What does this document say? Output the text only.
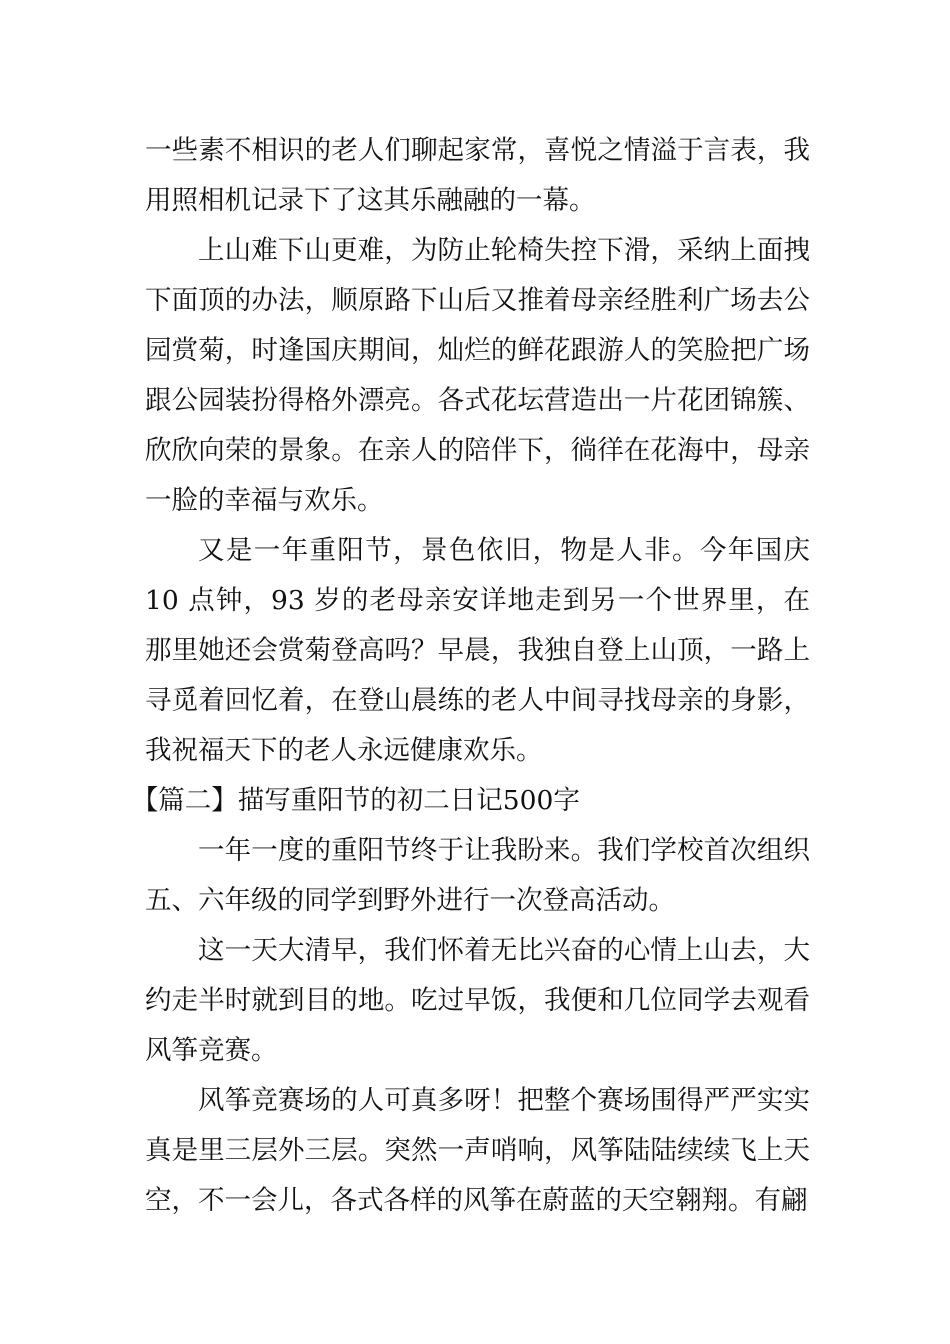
一些素不相识的老人们聊起家常，喜悦之情溢于言表，我用照相机记录下了这其乐融融的一幕。

上山难下山更难，为防止轮椅失控下滑，采纳上面拽下面顶的办法，顺原路下山后又推着母亲经胜利广场去公园赏菊，时逢国庆期间，灿烂的鲜花跟游人的笑脸把广场跟公园装扮得格外漂亮。各式花坛营造出一片花团锦簇、欣欣向荣的景象。在亲人的陪伴下，徜徉在花海中，母亲一脸的幸福与欢乐。

又是一年重阳节，景色依旧，物是人非。今年国庆 10 点钟，93 岁的老母亲安详地走到另一个世界里，在那里她还会赏菊登高吗？早晨，我独自登上山顶，一路上寻觅着回忆着，在登山晨练的老人中间寻找母亲的身影，我祝福天下的老人永远健康欢乐。

【篇二】描写重阳节的初二日记500字

一年一度的重阳节终于让我盼来。我们学校首次组织五、六年级的同学到野外进行一次登高活动。

这一天大清早，我们怀着无比兴奋的心情上山去，大约走半时就到目的地。吃过早饭，我便和几位同学去观看风筝竞赛。

风筝竞赛场的人可真多呀！把整个赛场围得严严实实真是里三层外三层。突然一声哨响，风筝陆陆续续飞上天空，不一会儿，各式各样的风筝在蔚蓝的天空翱翔。有翩
